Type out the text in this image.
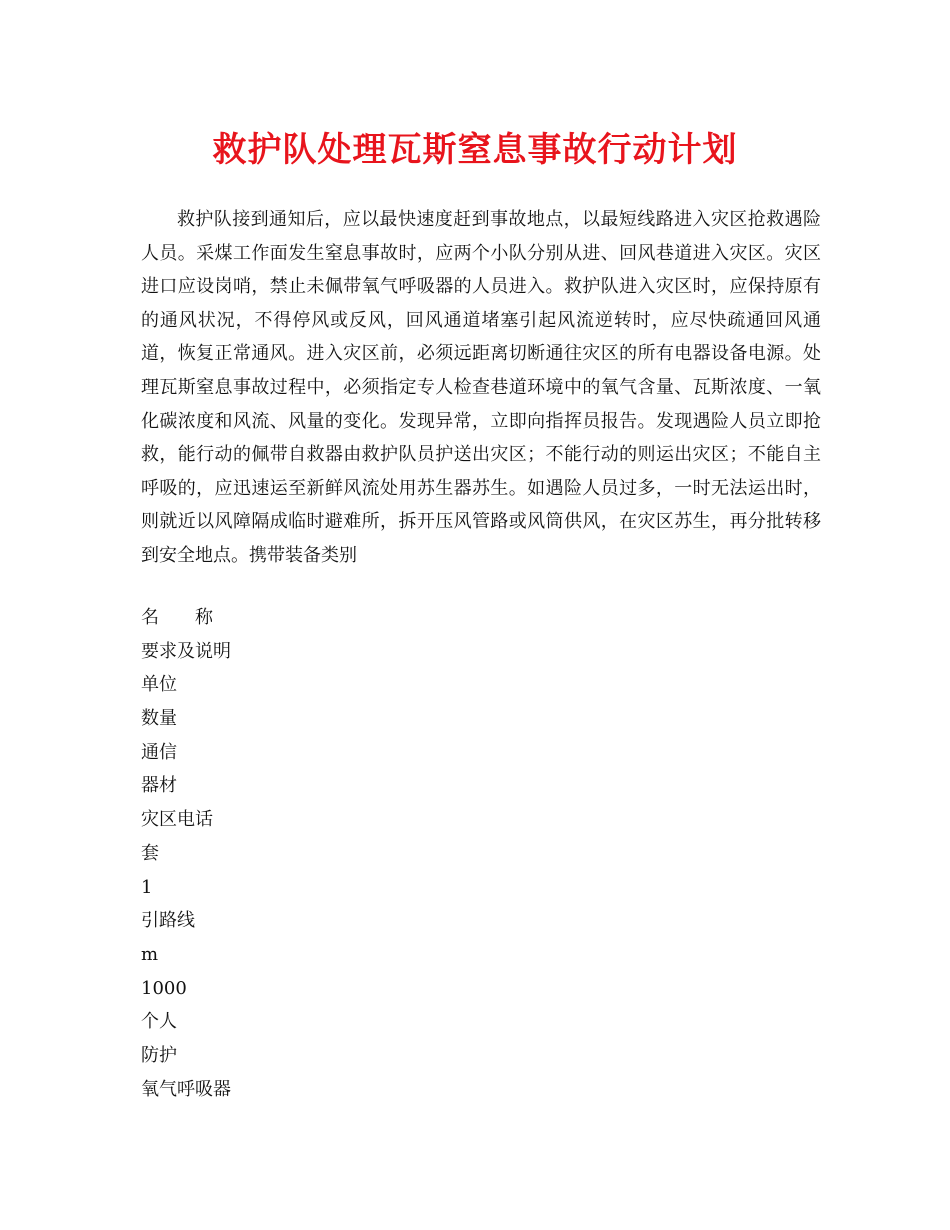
救护队处理瓦斯窒息事故行动计划

救护队接到通知后，应以最快速度赶到事故地点，以最短线路进入灾区抢救遇险人员。采煤工作面发生窒息事故时，应两个小队分别从进、回风巷道进入灾区。灾区进口应设岗哨，禁止未佩带氧气呼吸器的人员进入。救护队进入灾区时，应保持原有的通风状况，不得停风或反风，回风通道堵塞引起风流逆转时，应尽快疏通回风通道，恢复正常通风。进入灾区前，必须远距离切断通往灾区的所有电器设备电源。处理瓦斯窒息事故过程中，必须指定专人检查巷道环境中的氧气含量、瓦斯浓度、一氧化碳浓度和风流、风量的变化。发现异常，立即向指挥员报告。发现遇险人员立即抢救，能行动的佩带自救器由救护队员护送出灾区；不能行动的则运出灾区；不能自主呼吸的，应迅速运至新鲜风流处用苏生器苏生。如遇险人员过多，一时无法运出时，则就近以风障隔成临时避难所，拆开压风管路或风筒供风，在灾区苏生，再分批转移到安全地点。携带装备类别

名　　称
要求及说明
单位
数量
通信
器材
灾区电话
套
1
引路线
m
1000
个人
防护
氧气呼吸器
